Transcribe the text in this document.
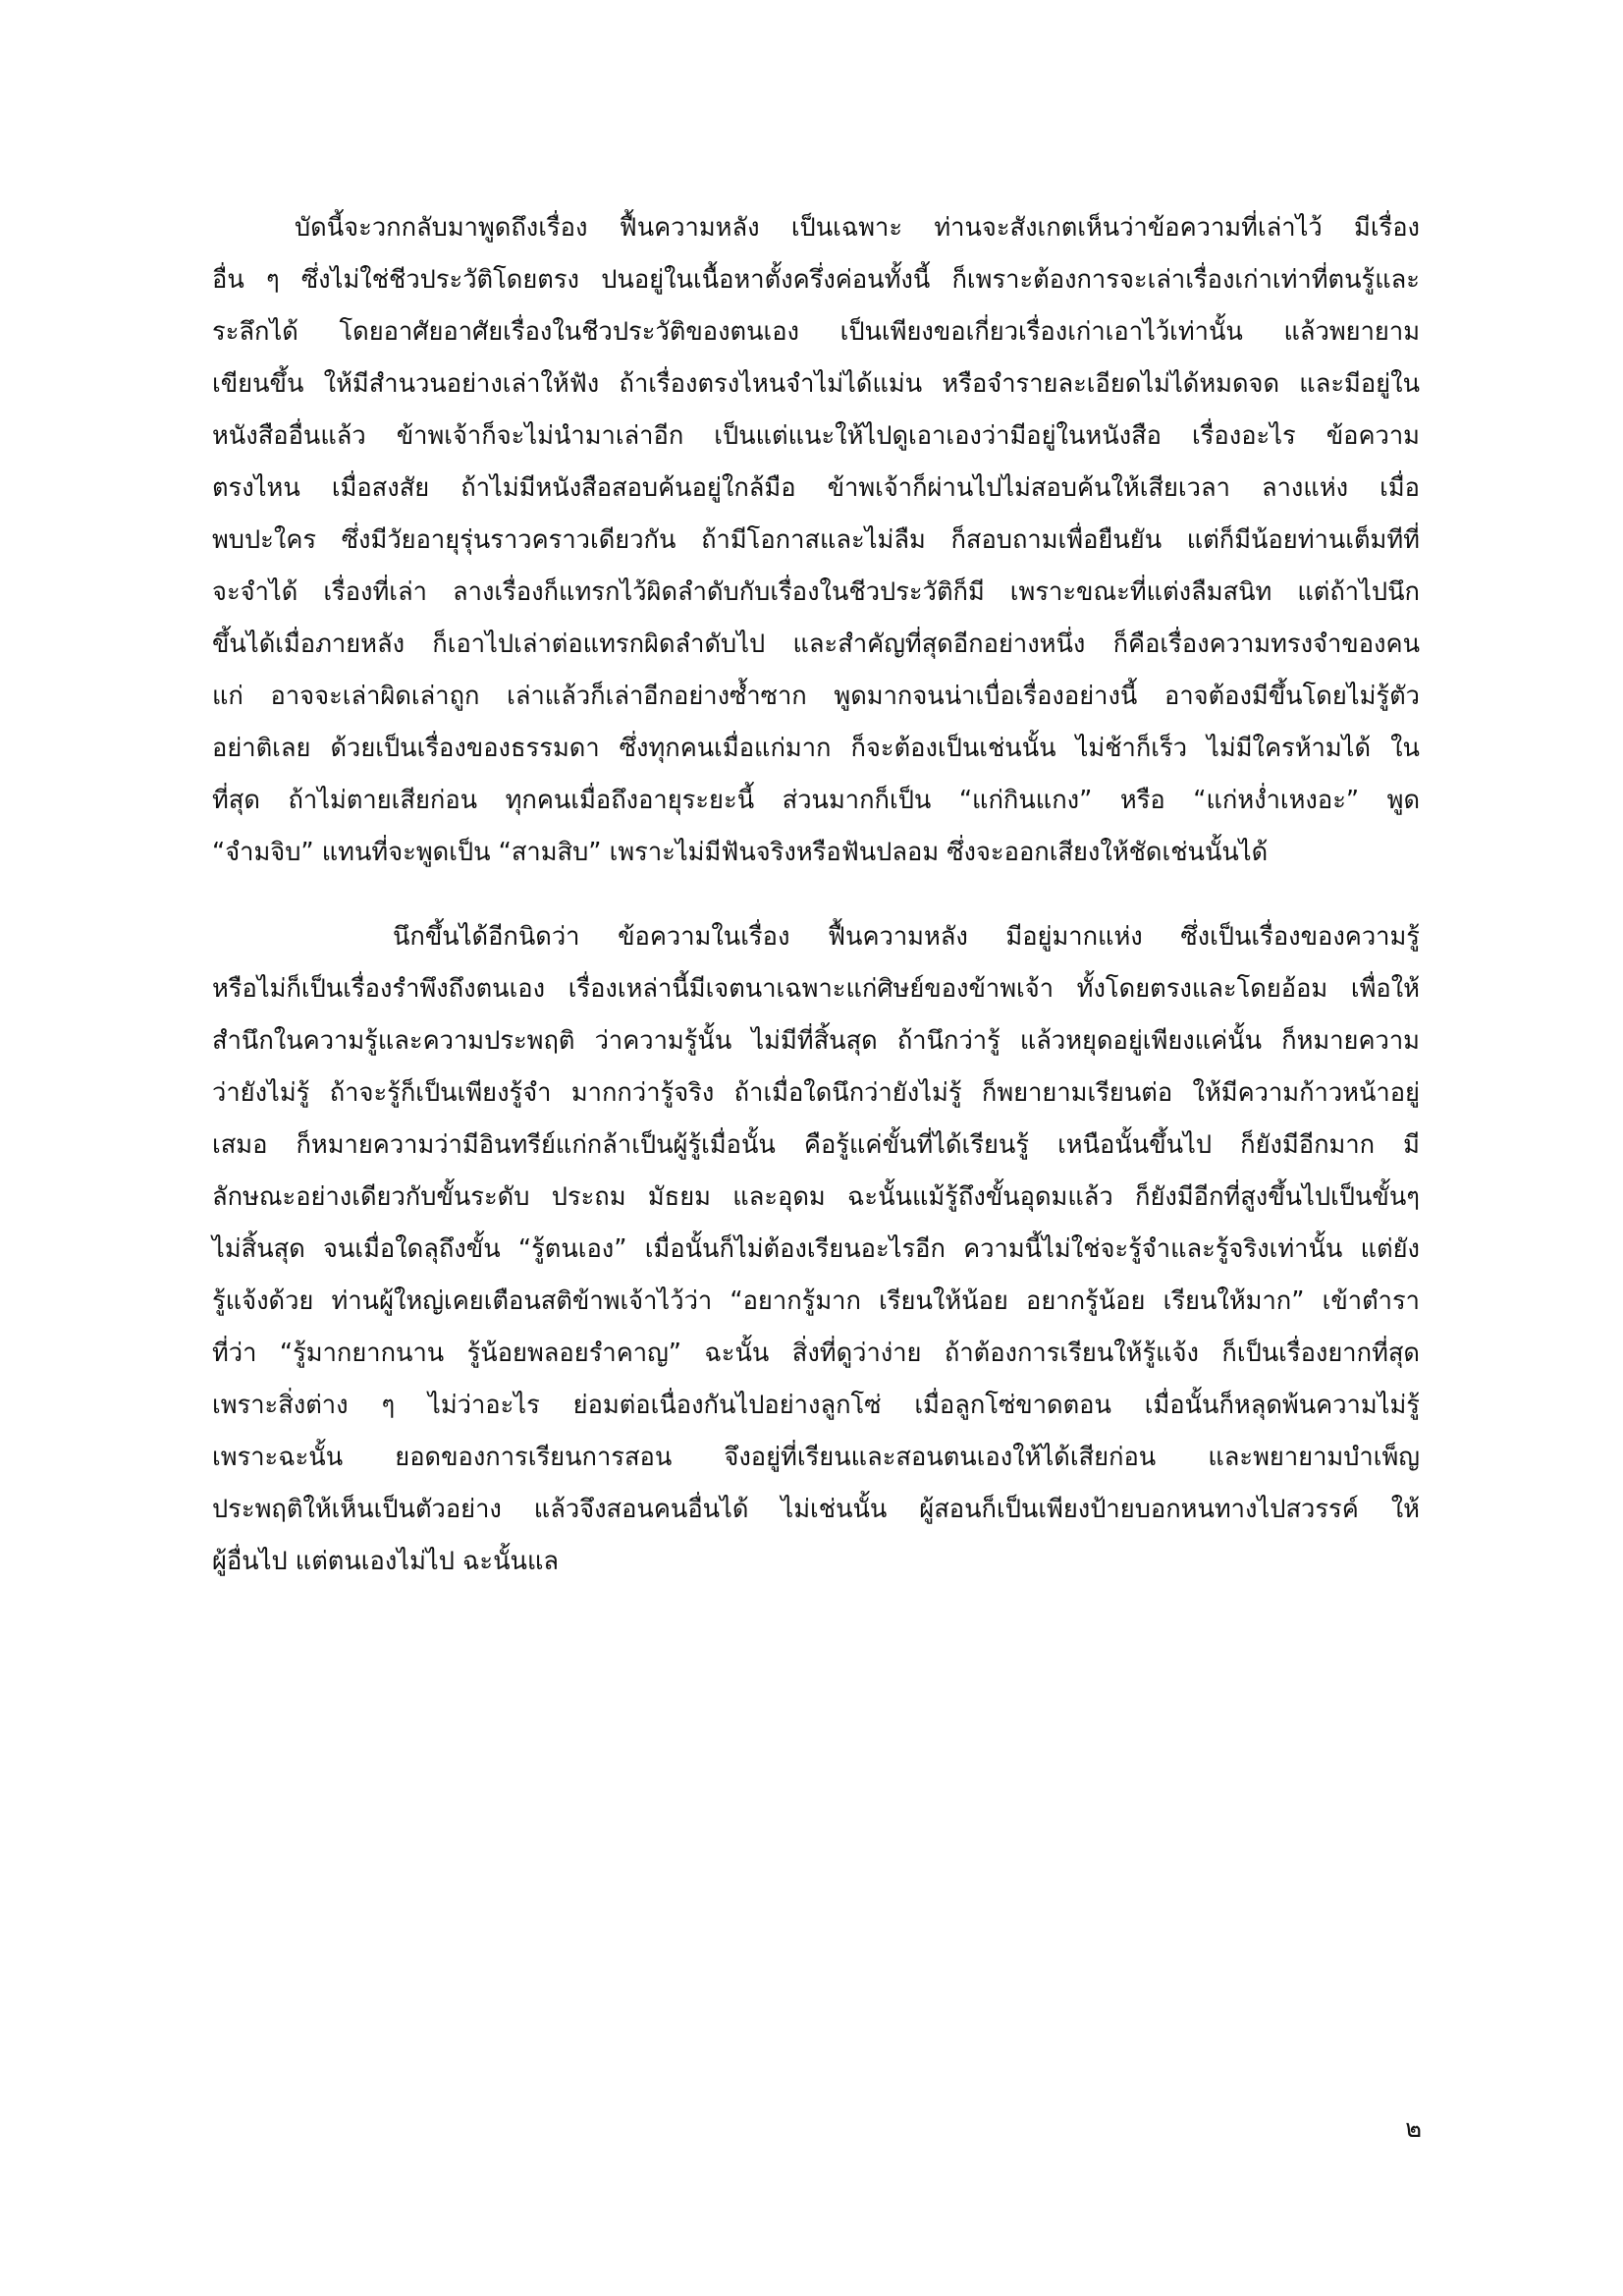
บัดนี้จะวกกลับมาพูดถึงเรื่อง ฟื้นความหลัง เป็นเฉพาะ ท่านจะสังเกตเห็นว่าข้อความที่เล่าไว้ มีเรื่อง
อื่น ๆ ซึ่งไม่ใช่ชีวประวัติโดยตรง ปนอยู่ในเนื้อหาตั้งครึ่งค่อนทั้งนี้ ก็เพราะต้องการจะเล่าเรื่องเก่าเท่าที่ตนรู้และ
ระลึกได้ โดยอาศัยอาศัยเรื่องในชีวประวัติของตนเอง เป็นเพียงขอเกี่ยวเรื่องเก่าเอาไว้เท่านั้น แล้วพยายาม
เขียนขึ้น ให้มีสำนวนอย่างเล่าให้ฟัง ถ้าเรื่องตรงไหนจำไม่ได้แม่น หรือจำรายละเอียดไม่ได้หมดจด และมีอยู่ใน
หนังสืออื่นแล้ว ข้าพเจ้าก็จะไม่นำมาเล่าอีก เป็นแต่แนะให้ไปดูเอาเองว่ามีอยู่ในหนังสือ เรื่องอะไร ข้อความ
ตรงไหน เมื่อสงสัย ถ้าไม่มีหนังสือสอบค้นอยู่ใกล้มือ ข้าพเจ้าก็ผ่านไปไม่สอบค้นให้เสียเวลา ลางแห่ง เมื่อ
พบปะใคร ซึ่งมีวัยอายุรุ่นราวคราวเดียวกัน ถ้ามีโอกาสและไม่ลืม ก็สอบถามเพื่อยืนยัน แต่ก็มีน้อยท่านเต็มทีที่
จะจำได้ เรื่องที่เล่า ลางเรื่องก็แทรกไว้ผิดลำดับกับเรื่องในชีวประวัติก็มี เพราะขณะที่แต่งลืมสนิท แต่ถ้าไปนึก
ขึ้นได้เมื่อภายหลัง ก็เอาไปเล่าต่อแทรกผิดลำดับไป และสำคัญที่สุดอีกอย่างหนึ่ง ก็คือเรื่องความทรงจำของคน
แก่ อาจจะเล่าผิดเล่าถูก เล่าแล้วก็เล่าอีกอย่างซ้ำซาก พูดมากจนน่าเบื่อเรื่องอย่างนี้ อาจต้องมีขึ้นโดยไม่รู้ตัว
อย่าติเลย ด้วยเป็นเรื่องของธรรมดา ซึ่งทุกคนเมื่อแก่มาก ก็จะต้องเป็นเช่นนั้น ไม่ช้าก็เร็ว ไม่มีใครห้ามได้ ใน
ที่สุด ถ้าไม่ตายเสียก่อน ทุกคนเมื่อถึงอายุระยะนี้ ส่วนมากก็เป็น “แก่กินแกง” หรือ “แก่หง่ำเหงอะ” พูด
“จำมจิบ” แทนที่จะพูดเป็น “สามสิบ” เพราะไม่มีฟันจริงหรือฟันปลอม ซึ่งจะออกเสียงให้ชัดเช่นนั้นได้
นึกขึ้นได้อีกนิดว่า ข้อความในเรื่อง ฟื้นความหลัง มีอยู่มากแห่ง ซึ่งเป็นเรื่องของความรู้
หรือไม่ก็เป็นเรื่องรำพึงถึงตนเอง เรื่องเหล่านี้มีเจตนาเฉพาะแก่ศิษย์ของข้าพเจ้า ทั้งโดยตรงและโดยอ้อม เพื่อให้
สำนึกในความรู้และความประพฤติ ว่าความรู้นั้น ไม่มีที่สิ้นสุด ถ้านึกว่ารู้ แล้วหยุดอยู่เพียงแค่นั้น ก็หมายความ
ว่ายังไม่รู้ ถ้าจะรู้ก็เป็นเพียงรู้จำ มากกว่ารู้จริง ถ้าเมื่อใดนึกว่ายังไม่รู้ ก็พยายามเรียนต่อ ให้มีความก้าวหน้าอยู่
เสมอ ก็หมายความว่ามีอินทรีย์แก่กล้าเป็นผู้รู้เมื่อนั้น คือรู้แค่ขั้นที่ได้เรียนรู้ เหนือนั้นขึ้นไป ก็ยังมีอีกมาก มี
ลักษณะอย่างเดียวกับขั้นระดับ ประถม มัธยม และอุดม ฉะนั้นแม้รู้ถึงขั้นอุดมแล้ว ก็ยังมีอีกที่สูงขึ้นไปเป็นขั้นๆ
ไม่สิ้นสุด จนเมื่อใดลุถึงขั้น “รู้ตนเอง” เมื่อนั้นก็ไม่ต้องเรียนอะไรอีก ความนี้ไม่ใช่จะรู้จำและรู้จริงเท่านั้น แต่ยัง
รู้แจ้งด้วย ท่านผู้ใหญ่เคยเตือนสติข้าพเจ้าไว้ว่า “อยากรู้มาก เรียนให้น้อย อยากรู้น้อย เรียนให้มาก” เข้าตำรา
ที่ว่า “รู้มากยากนาน รู้น้อยพลอยรำคาญ” ฉะนั้น สิ่งที่ดูว่าง่าย ถ้าต้องการเรียนให้รู้แจ้ง ก็เป็นเรื่องยากที่สุด
เพราะสิ่งต่าง ๆ ไม่ว่าอะไร ย่อมต่อเนื่องกันไปอย่างลูกโซ่ เมื่อลูกโซ่ขาดตอน เมื่อนั้นก็หลุดพ้นความไม่รู้
เพราะฉะนั้น ยอดของการเรียนการสอน จึงอยู่ที่เรียนและสอนตนเองให้ได้เสียก่อน และพยายามบำเพ็ญ
ประพฤติให้เห็นเป็นตัวอย่าง แล้วจึงสอนคนอื่นได้ ไม่เช่นนั้น ผู้สอนก็เป็นเพียงป้ายบอกหนทางไปสวรรค์ ให้
ผู้อื่นไป แต่ตนเองไม่ไป ฉะนั้นแล
๒
